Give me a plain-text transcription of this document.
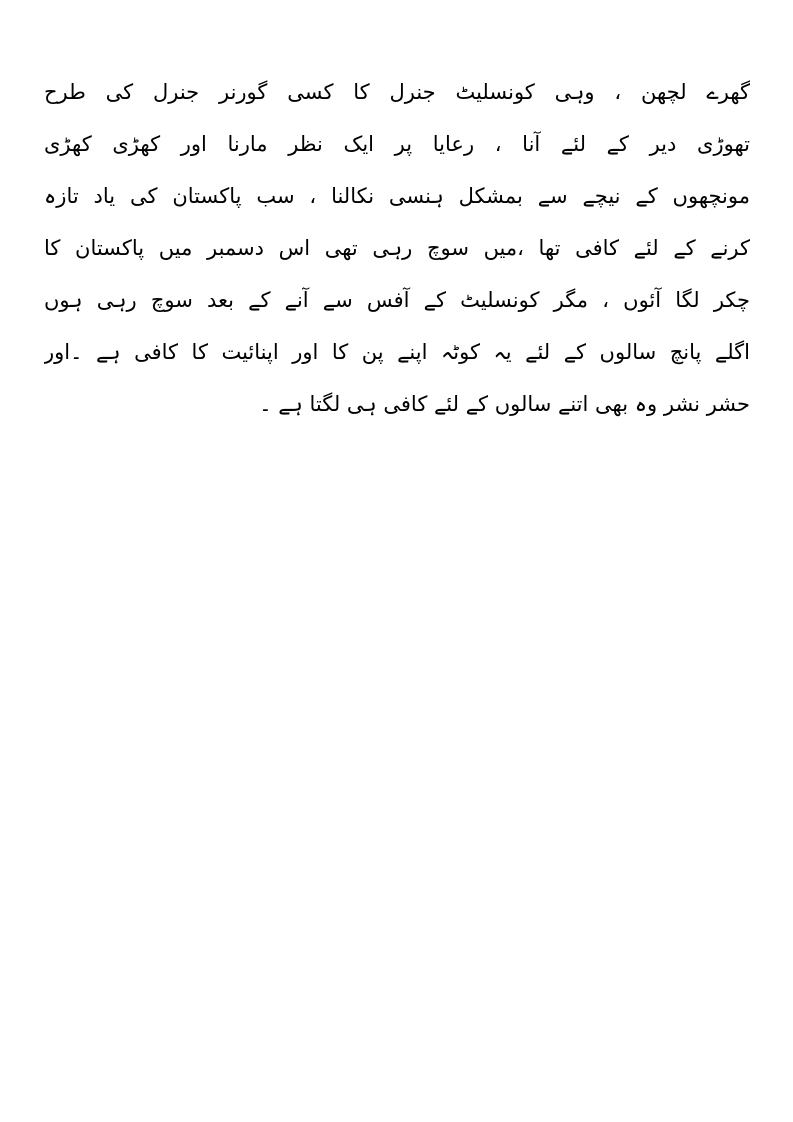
گھرے لچھن ، وہی کونسلیٹ جنرل کا کسی گورنر جنرل کی طرح
تھوڑی دیر کے لئے آنا ، رعایا پر ایک نظر مارنا اور کھڑی کھڑی
مونچھوں کے نیچے سے بمشکل ہنسی نکالنا ، سب پاکستان کی یاد تازہ
کرنے کے لئے کافی تھا ،میں سوچ رہی تھی اس دسمبر میں پاکستان کا
چکر لگا آئوں ، مگر کونسلیٹ کے آفس سے آنے کے بعد سوچ رہی ہوں
اگلے پانچ سالوں کے لئے یہ کوٹہ اپنے پن کا اور اپنائیت کا کافی ہے ۔اور
حشر نشر وہ بھی اتنے سالوں کے لئے کافی ہی لگتا ہے ۔
